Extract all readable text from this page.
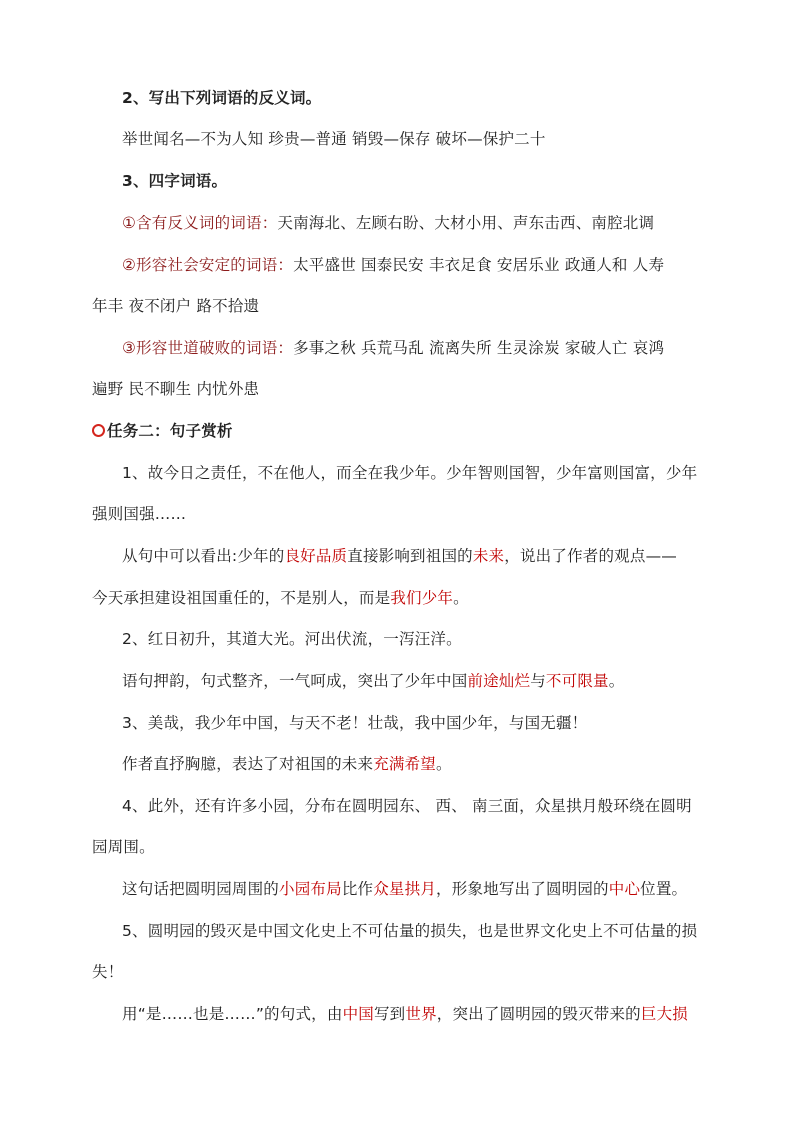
2、写出下列词语的反义词。
举世闻名—不为人知 珍贵—普通 销毁—保存 破坏—保护二十
3、四字词语。
①含有反义词的词语：天南海北、左顾右盼、大材小用、声东击西、南腔北调
②形容社会安定的词语：太平盛世 国泰民安 丰衣足食 安居乐业 政通人和 人寿
年丰 夜不闭户 路不拾遗
③形容世道破败的词语：多事之秋 兵荒马乱 流离失所 生灵涂炭 家破人亡 哀鸿
遍野 民不聊生 内忧外患
任务二：句子赏析
1、故今日之责任，不在他人，而全在我少年。少年智则国智，少年富则国富，少年
强则国强……
从句中可以看出:少年的良好品质直接影响到祖国的未来，说出了作者的观点——
今天承担建设祖国重任的，不是别人，而是我们少年。
2、红日初升，其道大光。河出伏流，一泻汪洋。
语句押韵，句式整齐，一气呵成，突出了少年中国前途灿烂与不可限量。
3、美哉，我少年中国，与天不老！壮哉，我中国少年，与国无疆！
作者直抒胸臆，表达了对祖国的未来充满希望。
4、此外，还有许多小园，分布在圆明园东、 西、 南三面，众星拱月般环绕在圆明
园周围。
这句话把圆明园周围的小园布局比作众星拱月，形象地写出了圆明园的中心位置。
5、圆明园的毁灭是中国文化史上不可估量的损失，也是世界文化史上不可估量的损
失！
用“是……也是……”的句式，由中国写到世界，突出了圆明园的毁灭带来的巨大损
